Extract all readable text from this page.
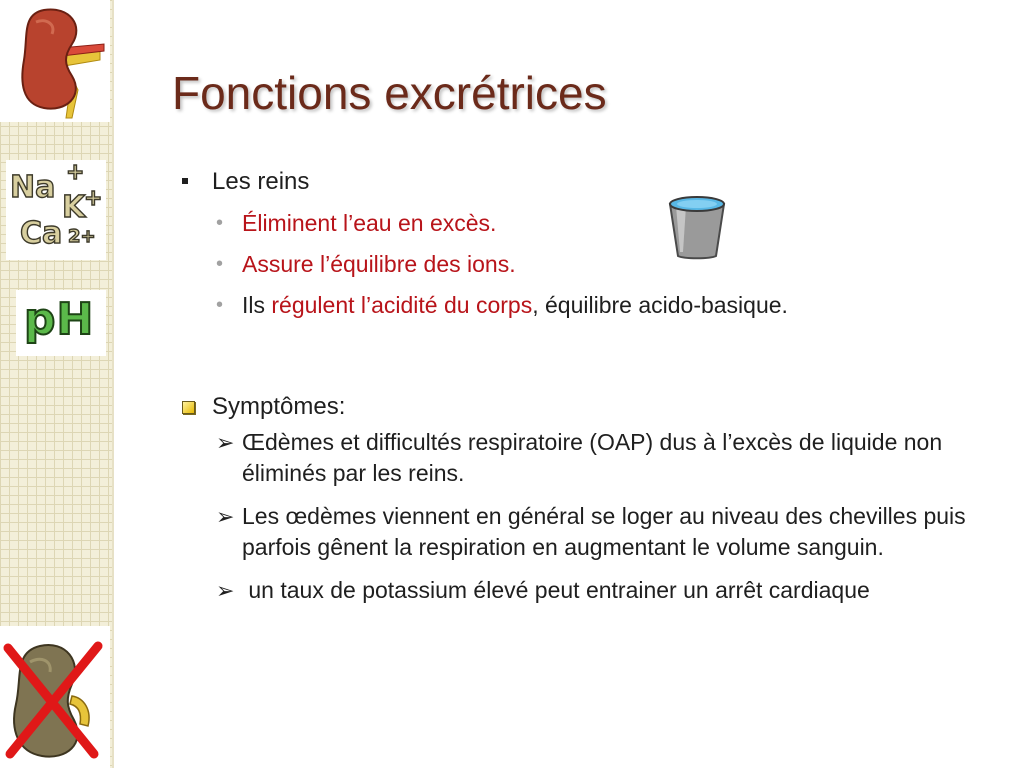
Na +
K
+
Ca 2+
pH
Fonctions excrétrices
Les reins
• Éliminent l’eau en excès.
• Assure l’équilibre des ions.
• Ils régulent l’acidité du corps, équilibre acido-basique.
Symptômes:
➢ Œdèmes et difficultés respiratoire (OAP) dus à l’excès de liquide non éliminés par les reins.
➢ Les œdèmes viennent en général se loger au niveau des chevilles puis parfois gênent la respiration en augmentant le volume sanguin.
➢ un taux de potassium élevé peut entrainer un arrêt cardiaque
